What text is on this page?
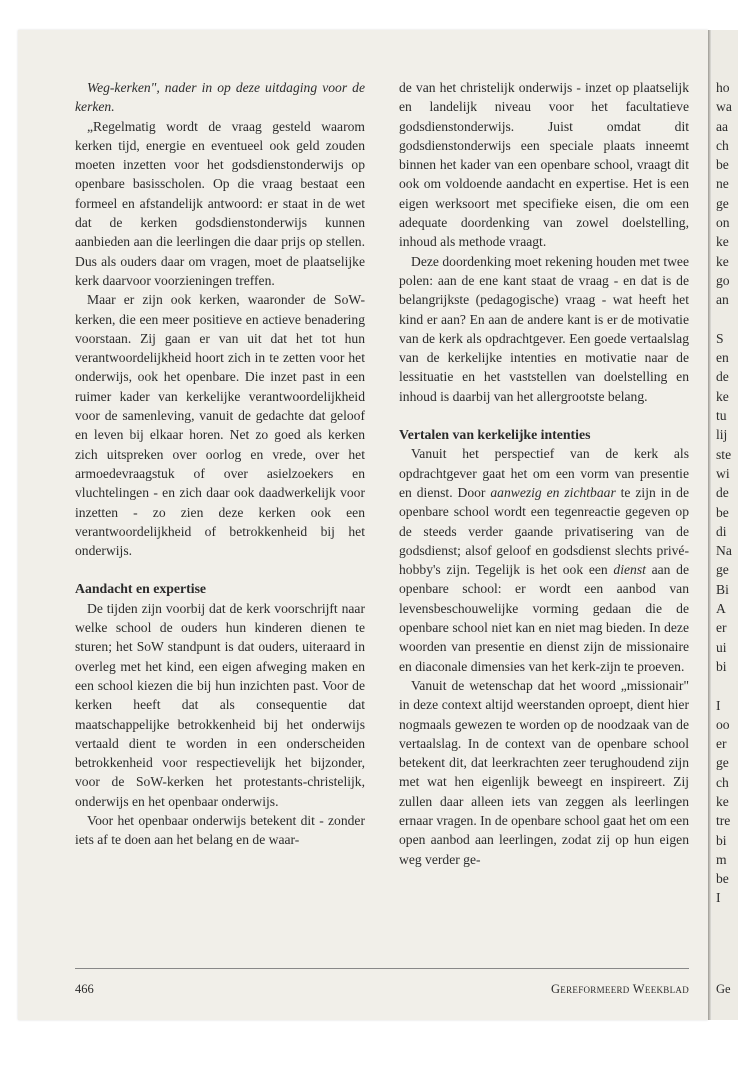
Weg-kerken", nader in op deze uitdaging voor de kerken.

„Regelmatig wordt de vraag gesteld waarom kerken tijd, energie en eventueel ook geld zouden moeten inzetten voor het godsdienstonderwijs op openbare basisscholen. Op die vraag bestaat een formeel en afstandelijk antwoord: er staat in de wet dat de kerken godsdienstonderwijs kunnen aanbieden aan die leerlingen die daar prijs op stellen. Dus als ouders daar om vragen, moet de plaatselijke kerk daarvoor voorzieningen treffen.

Maar er zijn ook kerken, waaronder de SoW-kerken, die een meer positieve en actieve benadering voorstaan. Zij gaan er van uit dat het tot hun verantwoordelijkheid hoort zich in te zetten voor het onderwijs, ook het openbare. Die inzet past in een ruimer kader van kerkelijke verantwoordelijkheid voor de samenleving, vanuit de gedachte dat geloof en leven bij elkaar horen. Net zo goed als kerken zich uitspreken over oorlog en vrede, over het armoedevraagstuk of over asielzoekers en vluchtelingen - en zich daar ook daadwerkelijk voor inzetten - zo zien deze kerken ook een verantwoordelijkheid of betrokkenheid bij het onderwijs.

Aandacht en expertise

De tijden zijn voorbij dat de kerk voorschrijft naar welke school de ouders hun kinderen dienen te sturen; het SoW standpunt is dat ouders, uiteraard in overleg met het kind, een eigen afweging maken en een school kiezen die bij hun inzichten past. Voor de kerken heeft dat als consequentie dat maatschappelijke betrokkenheid bij het onderwijs vertaald dient te worden in een onderscheiden betrokkenheid voor respectievelijk het bijzonder, voor de SoW-kerken het protestants-christelijk, onderwijs en het openbaar onderwijs.

Voor het openbaar onderwijs betekent dit - zonder iets af te doen aan het belang en de waar-

de van het christelijk onderwijs - inzet op plaatselijk en landelijk niveau voor het facultatieve godsdienstonderwijs. Juist omdat dit godsdienstonderwijs een speciale plaats inneemt binnen het kader van een openbare school, vraagt dit ook om voldoende aandacht en expertise. Het is een eigen werksoort met specifieke eisen, die om een adequate doordenking van zowel doelstelling, inhoud als methode vraagt.

Deze doordenking moet rekening houden met twee polen: aan de ene kant staat de vraag - en dat is de belangrijkste (pedagogische) vraag - wat heeft het kind er aan? En aan de andere kant is er de motivatie van de kerk als opdrachtgever. Een goede vertaalslag van de kerkelijke intenties en motivatie naar de lessituatie en het vaststellen van doelstelling en inhoud is daarbij van het allergrootste belang.

Vertalen van kerkelijke intenties

Vanuit het perspectief van de kerk als opdrachtgever gaat het om een vorm van presentie en dienst. Door aanwezig en zichtbaar te zijn in de openbare school wordt een tegenreactie gegeven op de steeds verder gaande privatisering van de godsdienst; alsof geloof en godsdienst slechts privé-hobby's zijn. Tegelijk is het ook een dienst aan de openbare school: er wordt een aanbod van levensbeschouwelijke vorming gedaan die de openbare school niet kan en niet mag bieden. In deze woorden van presentie en dienst zijn de missionaire en diaconale dimensies van het kerk-zijn te proeven.

Vanuit de wetenschap dat het woord „missionair" in deze context altijd weerstanden oproept, dient hier nogmaals gewezen te worden op de noodzaak van de vertaalslag. In de context van de openbare school betekent dit, dat leerkrachten zeer terughoudend zijn met wat hen eigenlijk beweegt en inspireert. Zij zullen daar alleen iets van zeggen als leerlingen ernaar vragen. In de openbare school gaat het om een open aanbod aan leerlingen, zodat zij op hun eigen weg verder ge-

466	Gereformeerd Weekblad
ho
wa
aa
ch
be
ne
ge
on
ke
ke
go
an
S
en
de
ke
tu
lij
ste
wi
de
be
di
Na
ge
Bi
A
er
ui
bi
I
oo
er
ge
ch
ke
tre
bi
m
be
I
Ge
